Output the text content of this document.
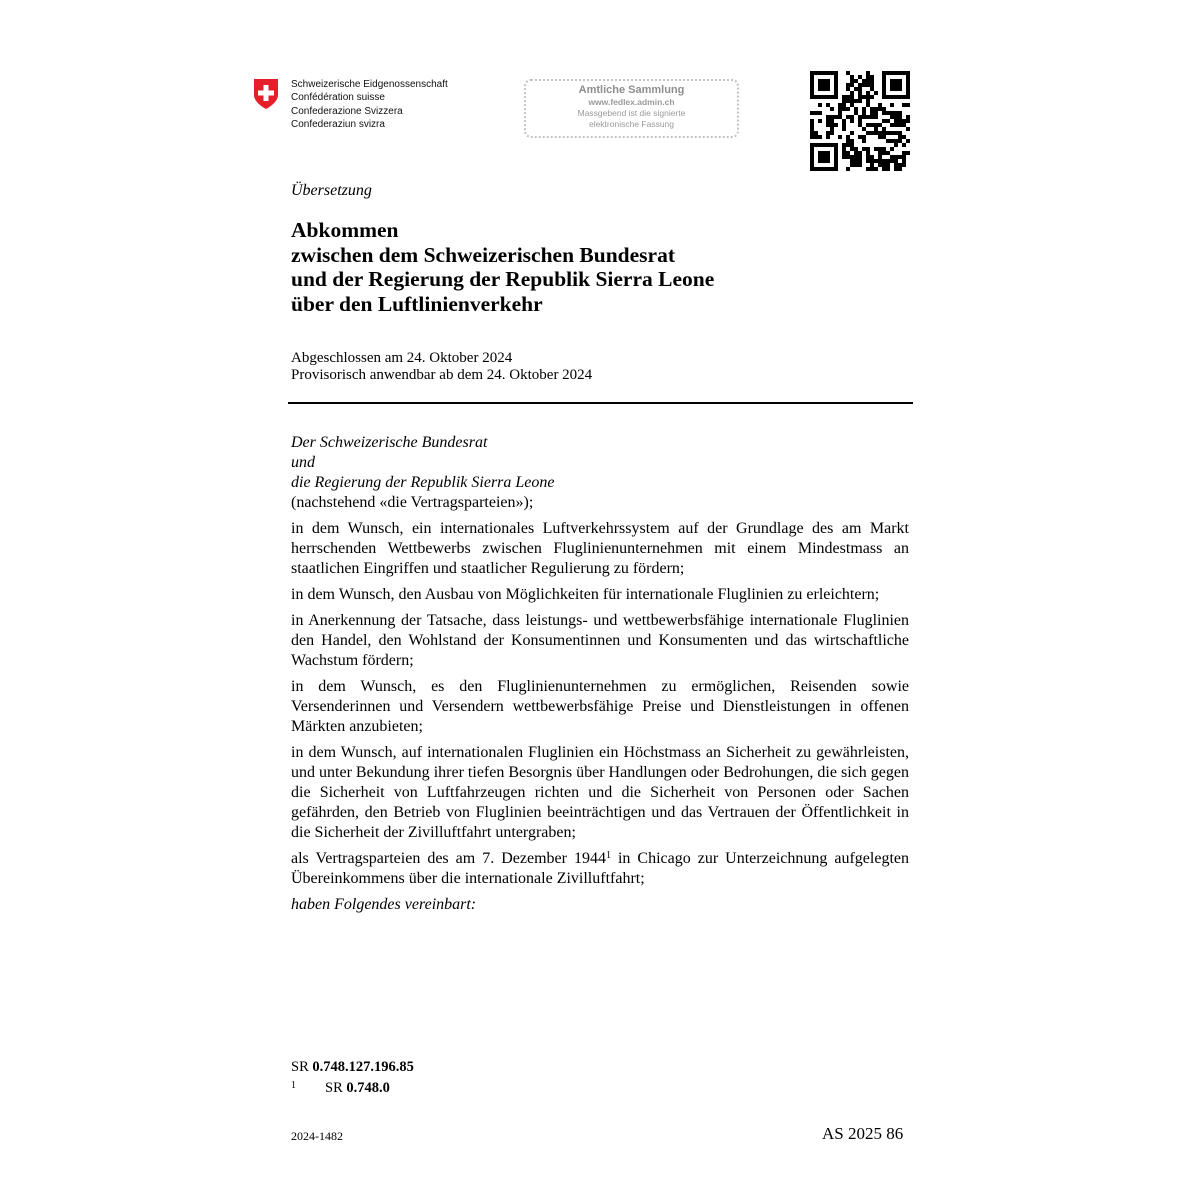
Schweizerische Eidgenossenschaft
Confédération suisse
Confederazione Svizzera
Confederaziun svizra
Amtliche Sammlung
www.fedlex.admin.ch
Massgebend ist die signierte
elektronische Fassung
Übersetzung
Abkommen
zwischen dem Schweizerischen Bundesrat
und der Regierung der Republik Sierra Leone
über den Luftlinienverkehr
Abgeschlossen am 24. Oktober 2024
Provisorisch anwendbar ab dem 24. Oktober 2024
Der Schweizerische Bundesrat
und
die Regierung der Republik Sierra Leone

(nachstehend «die Vertragsparteien»);

in dem Wunsch, ein internationales Luftverkehrssystem auf der Grundlage des am Markt herrschenden Wettbewerbs zwischen Fluglinienunternehmen mit einem Mindestmass an staatlichen Eingriffen und staatlicher Regulierung zu fördern;

in dem Wunsch, den Ausbau von Möglichkeiten für internationale Fluglinien zu erleichtern;

in Anerkennung der Tatsache, dass leistungs- und wettbewerbsfähige internationale Fluglinien den Handel, den Wohlstand der Konsumentinnen und Konsumenten und das wirtschaftliche Wachstum fördern;

in dem Wunsch, es den Fluglinienunternehmen zu ermöglichen, Reisenden sowie Versenderinnen und Versendern wettbewerbsfähige Preise und Dienstleistungen in offenen Märkten anzubieten;

in dem Wunsch, auf internationalen Fluglinien ein Höchstmass an Sicherheit zu gewährleisten, und unter Bekundung ihrer tiefen Besorgnis über Handlungen oder Bedrohungen, die sich gegen die Sicherheit von Luftfahrzeugen richten und die Sicherheit von Personen oder Sachen gefährden, den Betrieb von Fluglinien beeinträchtigen und das Vertrauen der Öffentlichkeit in die Sicherheit der Zivilluftfahrt untergraben;

als Vertragsparteien des am 7. Dezember 1944$^1$ in Chicago zur Unterzeichnung aufgelegten Übereinkommens über die internationale Zivilluftfahrt;

haben Folgendes vereinbart:

SR 0.748.127.196.85
1 SR 0.748.0
2024-1482	AS 2025 86
